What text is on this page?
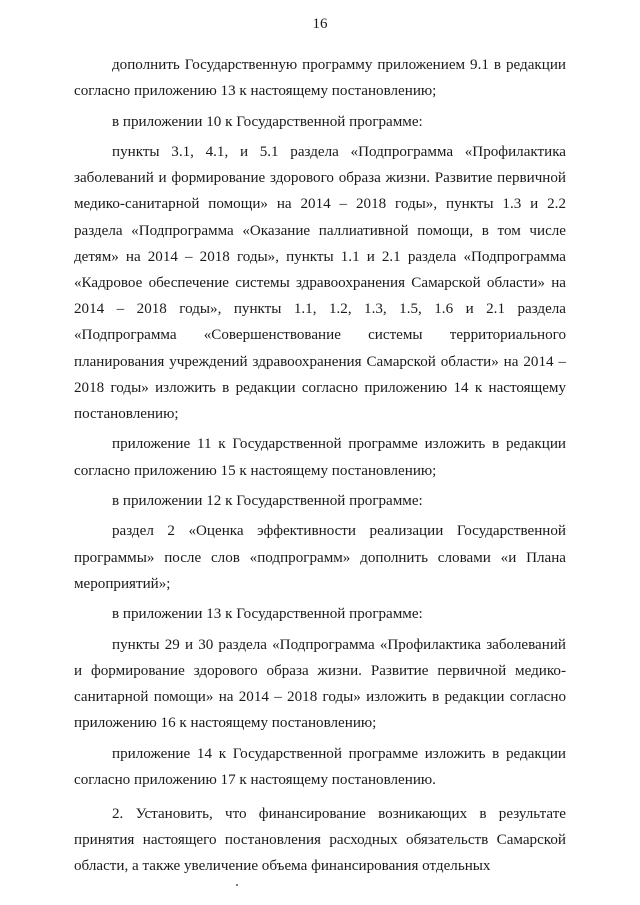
16

дополнить Государственную программу приложением 9.1 в редакции согласно приложению 13 к настоящему постановлению;

в приложении 10 к Государственной программе:

пункты 3.1, 4.1, и 5.1 раздела «Подпрограмма «Профилактика заболеваний и формирование здорового образа жизни. Развитие первичной медико-санитарной помощи» на 2014 – 2018 годы», пункты 1.3 и 2.2 раздела «Подпрограмма «Оказание паллиативной помощи, в том числе детям» на 2014 – 2018 годы», пункты 1.1 и 2.1 раздела «Подпрограмма «Кадровое обеспечение системы здравоохранения Самарской области» на 2014 – 2018 годы», пункты 1.1, 1.2, 1.3, 1.5, 1.6 и 2.1 раздела «Подпрограмма «Совершенствование системы территориального планирования учреждений здравоохранения Самарской области» на 2014 – 2018 годы» изложить в редакции согласно приложению 14 к настоящему постановлению;

приложение 11 к Государственной программе изложить в редакции согласно приложению 15 к настоящему постановлению;

в приложении 12 к Государственной программе:

раздел 2 «Оценка эффективности реализации Государственной программы» после слов «подпрограмм» дополнить словами «и Плана мероприятий»;

в приложении 13 к Государственной программе:

пункты 29 и 30 раздела «Подпрограмма «Профилактика заболеваний и формирование здорового образа жизни. Развитие первичной медико-санитарной помощи» на 2014 – 2018 годы» изложить в редакции согласно приложению 16 к настоящему постановлению;

приложение 14 к Государственной программе изложить в редакции согласно приложению 17 к настоящему постановлению.

2. Установить, что финансирование возникающих в результате принятия настоящего постановления расходных обязательств Самарской области, а также увеличение объема финансирования отдельных
